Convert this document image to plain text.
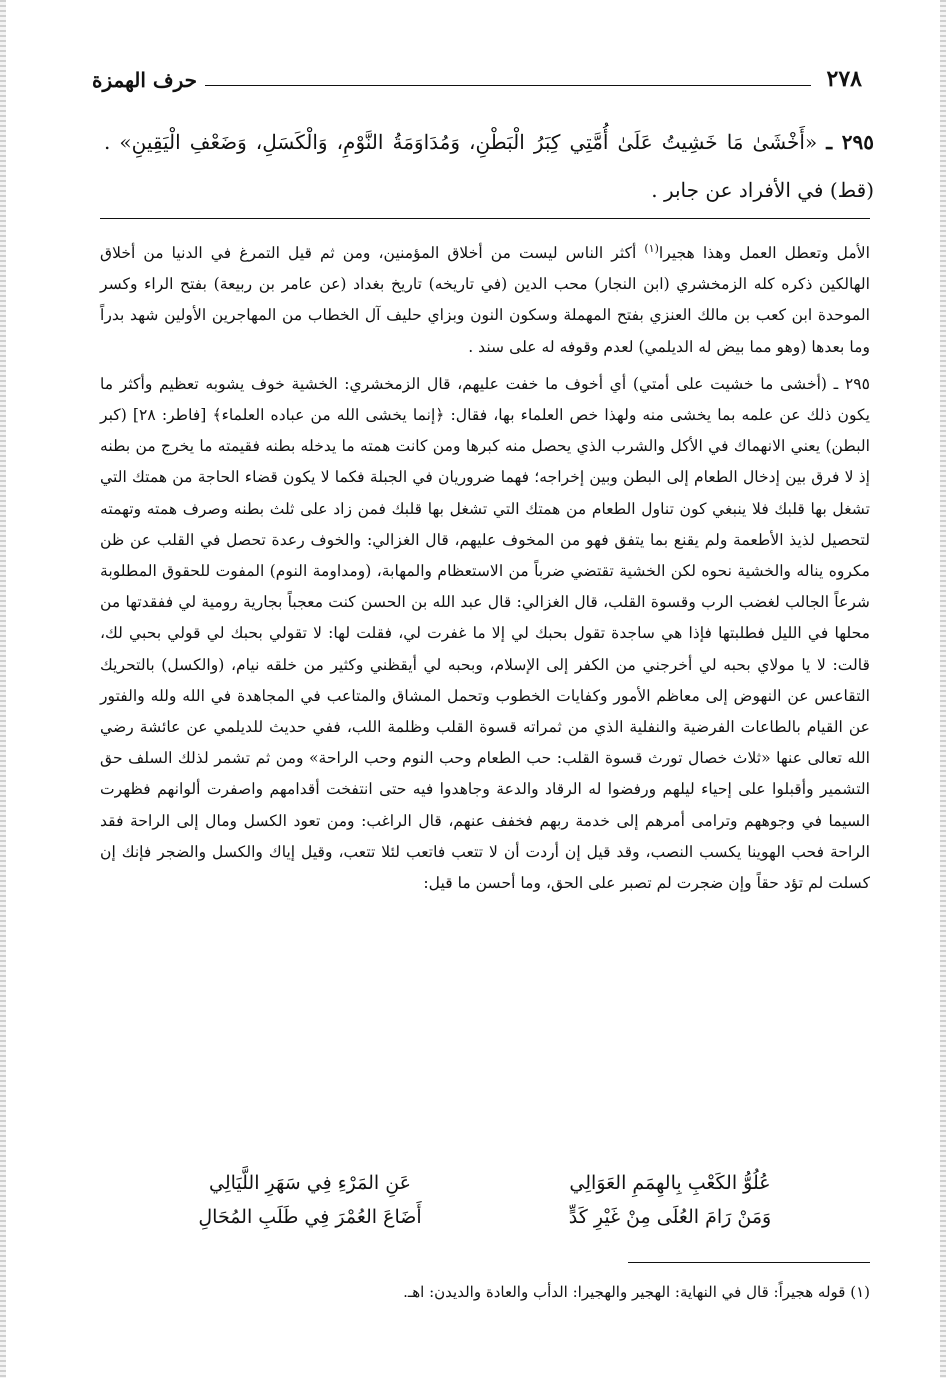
٢٧٨
حرف الهمزة
٢٩٥ ـ «أَخْشَىٰ مَا خَشِيتُ عَلَىٰ أُمَّتِي كِبَرُ الْبَطْنِ، وَمُدَاوَمَةُ النَّوْمِ، وَالْكَسَلِ، وَضَعْفِ الْيَقِينِ» . (قط) في الأفراد عن جابر .

الأمل وتعطل العمل وهذا هجيرا$^{(١)}$ أكثر الناس ليست من أخلاق المؤمنين، ومن ثم قيل التمرغ في الدنيا من أخلاق الهالكين ذكره كله الزمخشري (ابن النجار) محب الدين (في تاريخه) تاريخ بغداد (عن عامر بن ربيعة) بفتح الراء وكسر الموحدة ابن كعب بن مالك العنزي بفتح المهملة وسكون النون وبزاي حليف آل الخطاب من المهاجرين الأولين شهد بدراً وما بعدها (وهو مما بيض له الديلمي) لعدم وقوفه له على سند .

٢٩٥ ـ (أخشى ما خشيت على أمتي) أي أخوف ما خفت عليهم، قال الزمخشري: الخشية خوف يشوبه تعظيم وأكثر ما يكون ذلك عن علمه بما يخشى منه ولهذا خص العلماء بها، فقال: ﴿إنما يخشى الله من عباده العلماء﴾ [فاطر: ٢٨] (كبر البطن) يعني الانهماك في الأكل والشرب الذي يحصل منه كبرها ومن كانت همته ما يدخله بطنه فقيمته ما يخرج من بطنه إذ لا فرق بين إدخال الطعام إلى البطن وبين إخراجه؛ فهما ضروريان في الجبلة فكما لا يكون قضاء الحاجة من همتك التي تشغل بها قلبك فلا ينبغي كون تناول الطعام من همتك التي تشغل بها قلبك فمن زاد على ثلث بطنه وصرف همته وتهمته لتحصيل لذيذ الأطعمة ولم يقنع بما يتفق فهو من المخوف عليهم، قال الغزالي: والخوف رعدة تحصل في القلب عن ظن مكروه يناله والخشية نحوه لكن الخشية تقتضي ضرباً من الاستعظام والمهابة، (ومداومة النوم) المفوت للحقوق المطلوبة شرعاً الجالب لغضب الرب وقسوة القلب، قال الغزالي: قال عبد الله بن الحسن كنت معجباً بجارية رومية لي ففقدتها من محلها في الليل فطلبتها فإذا هي ساجدة تقول بحبك لي إلا ما غفرت لي، فقلت لها: لا تقولي بحبك لي قولي بحبي لك، قالت: لا يا مولاي بحبه لي أخرجني من الكفر إلى الإسلام، وبحبه لي أيقظني وكثير من خلقه نيام، (والكسل) بالتحريك التقاعس عن النهوض إلى معاظم الأمور وكفايات الخطوب وتحمل المشاق والمتاعب في المجاهدة في الله ولله والفتور عن القيام بالطاعات الفرضية والنفلية الذي من ثمراته قسوة القلب وظلمة اللب، ففي حديث للديلمي عن عائشة رضي الله تعالى عنها «ثلاث خصال تورث قسوة القلب: حب الطعام وحب النوم وحب الراحة» ومن ثم تشمر لذلك السلف حق التشمير وأقبلوا على إحياء ليلهم ورفضوا له الرقاد والدعة وجاهدوا فيه حتى انتفخت أقدامهم واصفرت ألوانهم فظهرت السيما في وجوههم وترامى أمرهم إلى خدمة ربهم فخفف عنهم، قال الراغب: ومن تعود الكسل ومال إلى الراحة فقد الراحة فحب الهوينا يكسب النصب، وقد قيل إن أردت أن لا تتعب فاتعب لئلا تتعب، وقيل إياك والكسل والضجر فإنك إن كسلت لم تؤد حقاً وإن ضجرت لم تصبر على الحق، وما أحسن ما قيل:

عُلُوُّ الكَعْبِ بِالهِمَمِ العَوَالِي
عَنِ المَرْءِ فِي سَهَرِ اللَّيَالِي
وَمَنْ رَامَ العُلَى مِنْ غَيْرِ كَدٍّ
أَضَاعَ العُمْرَ فِي طَلَبِ المُحَالِ
(١) قوله هجيراً: قال في النهاية: الهجير والهجيرا: الدأب والعادة والديدن: اهـ.
